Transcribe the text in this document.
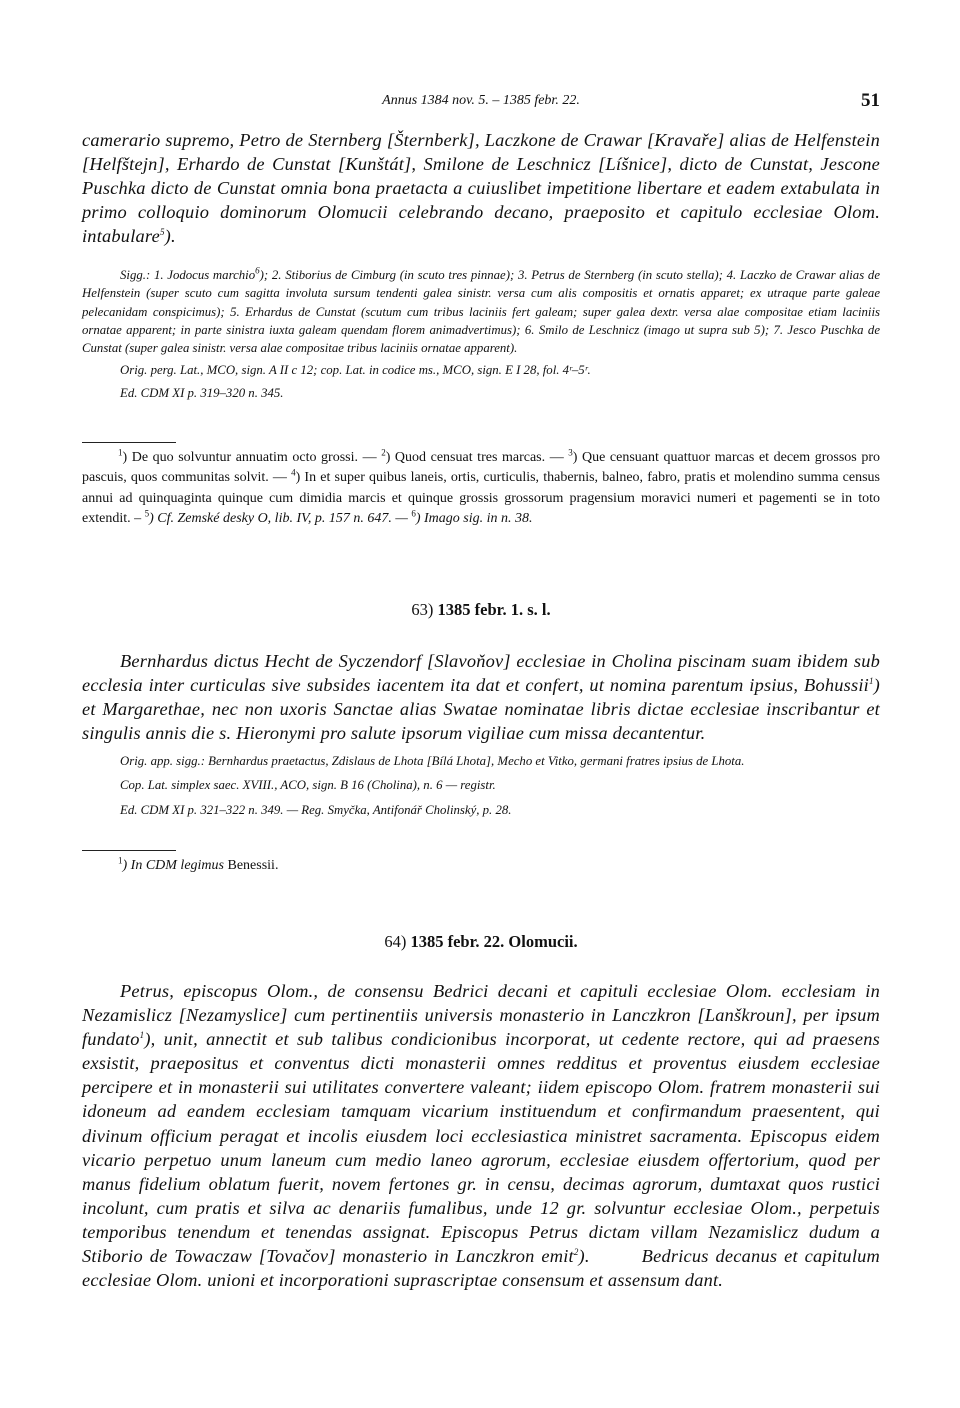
Annus 1384 nov. 5. – 1385 febr. 22.	51

camerario supremo, Petro de Sternberg [Šternberk], Laczkone de Crawar [Kravaře] alias de Helfenstein [Helfštejn], Erhardo de Cunstat [Kunštát], Smilone de Leschnicz [Líšnice], dicto de Cunstat, Jescone Puschka dicto de Cunstat omnia bona praetacta a cuiuslibet impetitione libertare et eadem extabulata in primo colloquio dominorum Olomucii celebrando decano, praeposito et capitulo ecclesiae Olom. intabulare$^5$).

Sigg.: 1. Jodocus marchio$^6$); 2. Stiborius de Cimburg (in scuto tres pinnae); 3. Petrus de Sternberg (in scuto stella); 4. Laczko de Crawar alias de Helfenstein (super scuto cum sagitta involuta sursum tendenti galea sinistr. versa cum alis compositis et ornatis apparet; ex utraque parte galeae pelecanidam conspicimus); 5. Erhardus de Cunstat (scutum cum tribus laciniis fert galeam; super galea dextr. versa alae compositae etiam laciniis ornatae apparent; in parte sinistra iuxta galeam quendam florem animadvertimus); 6. Smilo de Leschnicz (imago ut supra sub 5); 7. Jesco Puschka de Cunstat (super galea sinistr. versa alae compositae tribus laciniis ornatae apparent).

Orig. perg. Lat., MCO, sign. A II c 12; cop. Lat. in codice ms., MCO, sign. E I 28, fol. 4ʳ–5ʳ.

Ed. CDM XI p. 319–320 n. 345.

$^1$) De quo solvuntur annuatim octo grossi. — $^2$) Quod censuat tres marcas. — $^3$) Que censuant quattuor marcas et decem grossos pro pascuis, quos communitas solvit. — $^4$) In et super quibus laneis, ortis, curticulis, thabernis, balneo, fabro, pratis et molendino summa census annui ad quinquaginta quinque cum dimidia marcis et quinque grossis grossorum pragensium moravici numeri et pagementi se in toto extendit. – $^5$) Cf. Zemské desky O, lib. IV, p. 157 n. 647. — $^6$) Imago sig. in n. 38.

63) 1385 febr. 1. s. l.

Bernhardus dictus Hecht de Syczendorf [Slavoňov] ecclesiae in Cholina piscinam suam ibidem sub ecclesia inter curticulas sive subsides iacentem ita dat et confert, ut nomina parentum ipsius, Bohussii$^1$) et Margarethae, nec non uxoris Sanctae alias Swatae nominatae libris dictae ecclesiae inscribantur et singulis annis die s. Hieronymi pro salute ipsorum vigiliae cum missa decantentur.

Orig. app. sigg.: Bernhardus praetactus, Zdislaus de Lhota [Bílá Lhota], Mecho et Vitko, germani fratres ipsius de Lhota.

Cop. Lat. simplex saec. XVIII., ACO, sign. B 16 (Cholina), n. 6 — registr.

Ed. CDM XI p. 321–322 n. 349. — Reg. Smyčka, Antifonář Cholinský, p. 28.

$^1$) In CDM legimus Benessii.

64) 1385 febr. 22. Olomucii.

Petrus, episcopus Olom., de consensu Bedrici decani et capituli ecclesiae Olom. ecclesiam in Nezamislicz [Nezamyslice] cum pertinentiis universis monasterio in Lanczkron [Lanškroun], per ipsum fundato$^1$), unit, annectit et sub talibus condicionibus incorporat, ut cedente rectore, qui ad praesens exsistit, praepositus et conventus dicti monasterii omnes redditus et proventus eiusdem ecclesiae percipere et in monasterii sui utilitates convertere valeant; iidem episcopo Olom. fratrem monasterii sui idoneum ad eandem ecclesiam tamquam vicarium instituendum et confirmandum praesentent, qui divinum officium peragat et incolis eiusdem loci ecclesiastica ministret sacramenta. Episcopus eidem vicario perpetuo unum laneum cum medio laneo agrorum, ecclesiae eiusdem offertorium, quod per manus fidelium oblatum fuerit, novem fertones gr. in censu, decimas agrorum, dumtaxat quos rustici incolunt, cum pratis et silva ac denariis fumalibus, unde 12 gr. solvuntur ecclesiae Olom., perpetuis temporibus tenendum et tenendas assignat. Episcopus Petrus dictam villam Nezamislicz dudum a Stiborio de Towaczaw [Tovačov] monasterio in Lanczkron emit$^2$).	Bedricus decanus et capitulum ecclesiae Olom. unioni et incorporationi suprascriptae consensum et assensum dant.
